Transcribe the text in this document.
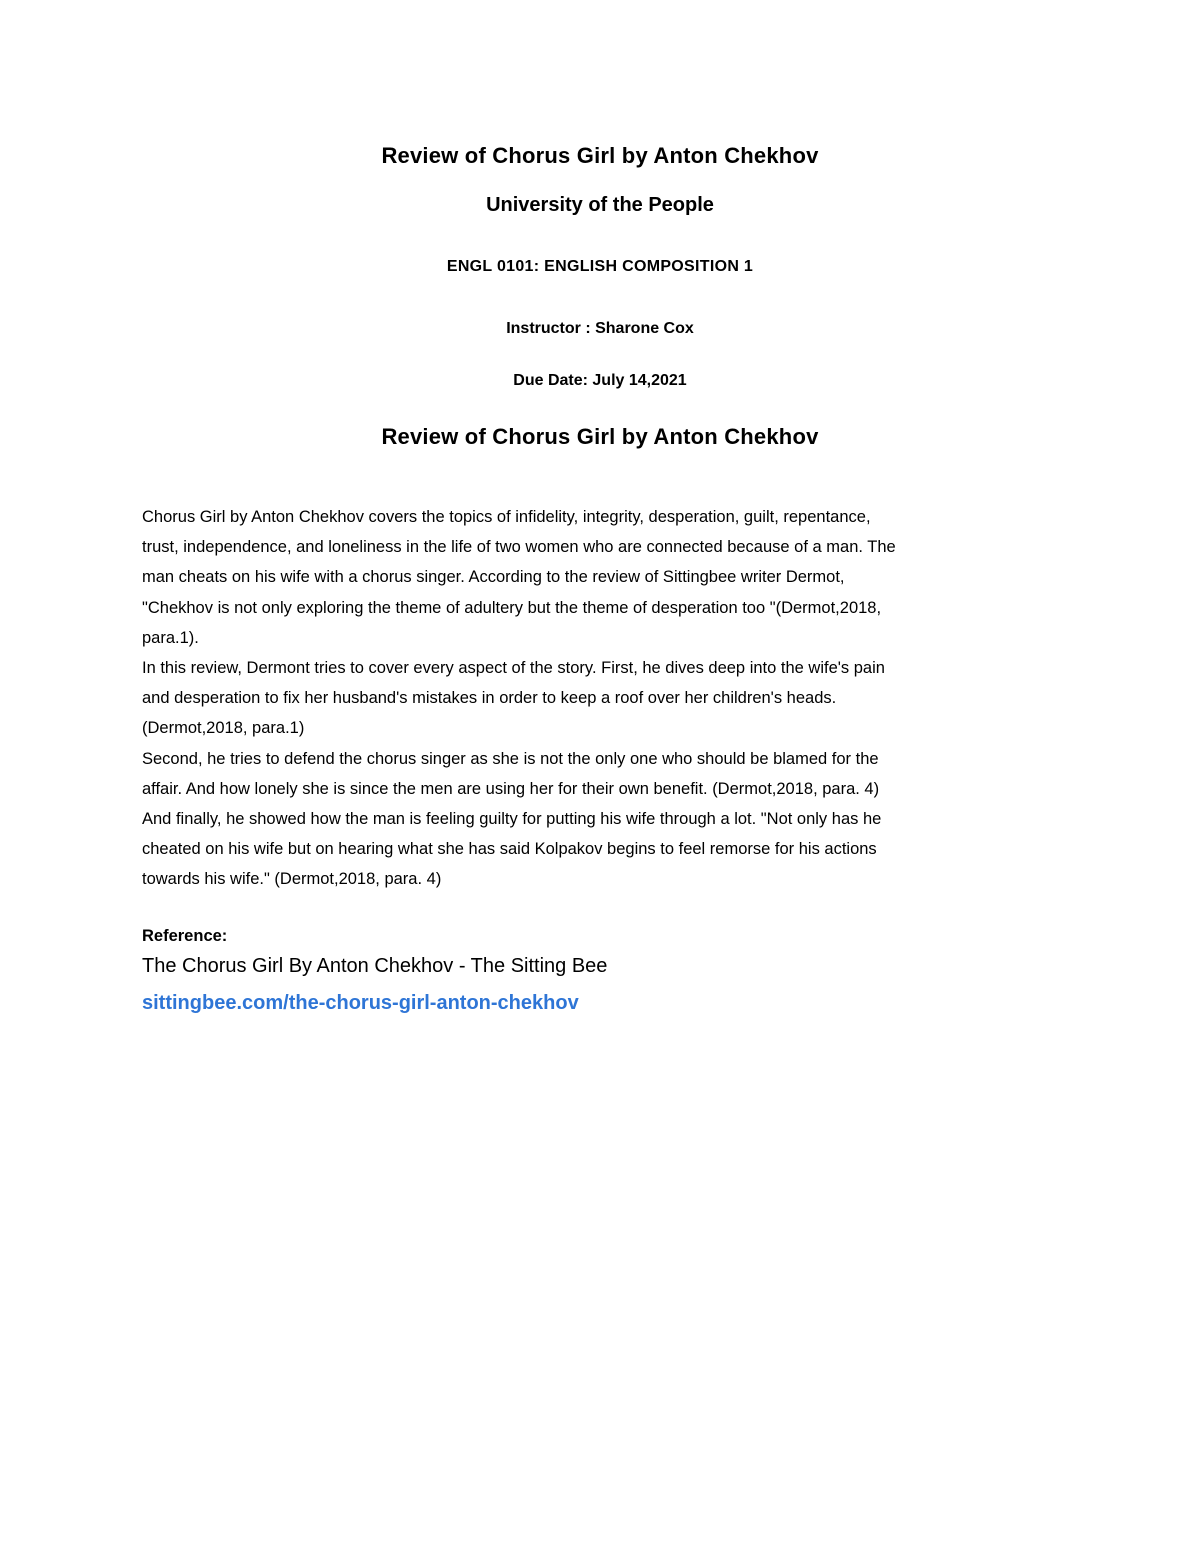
Review of Chorus Girl by Anton Chekhov
University of the People
ENGL 0101: ENGLISH COMPOSITION 1
Instructor : Sharone Cox
Due Date: July 14,2021
Review of Chorus Girl by Anton Chekhov
Chorus Girl by Anton Chekhov covers the topics of infidelity, integrity, desperation, guilt, repentance,
trust, independence, and loneliness in the life of two women who are connected because of a man. The
man cheats on his wife with a chorus singer. According to the review of Sittingbee writer Dermot,
"Chekhov is not only exploring the theme of adultery but the theme of desperation too "(Dermot,2018,
para.1).
In this review, Dermont tries to cover every aspect of the story. First, he dives deep into the wife's pain
and desperation to fix her husband's mistakes in order to keep a roof over her children's heads.
(Dermot,2018, para.1)
Second, he tries to defend the chorus singer as she is not the only one who should be blamed for the
affair. And how lonely she is since the men are using her for their own benefit. (Dermot,2018, para. 4)
And finally, he showed how the man is feeling guilty for putting his wife through a lot. "Not only has he
cheated on his wife but on hearing what she has said Kolpakov begins to feel remorse for his actions
towards his wife." (Dermot,2018, para. 4)
Reference:
The Chorus Girl By Anton Chekhov - The Sitting Bee
sittingbee.com/the-chorus-girl-anton-chekhov
